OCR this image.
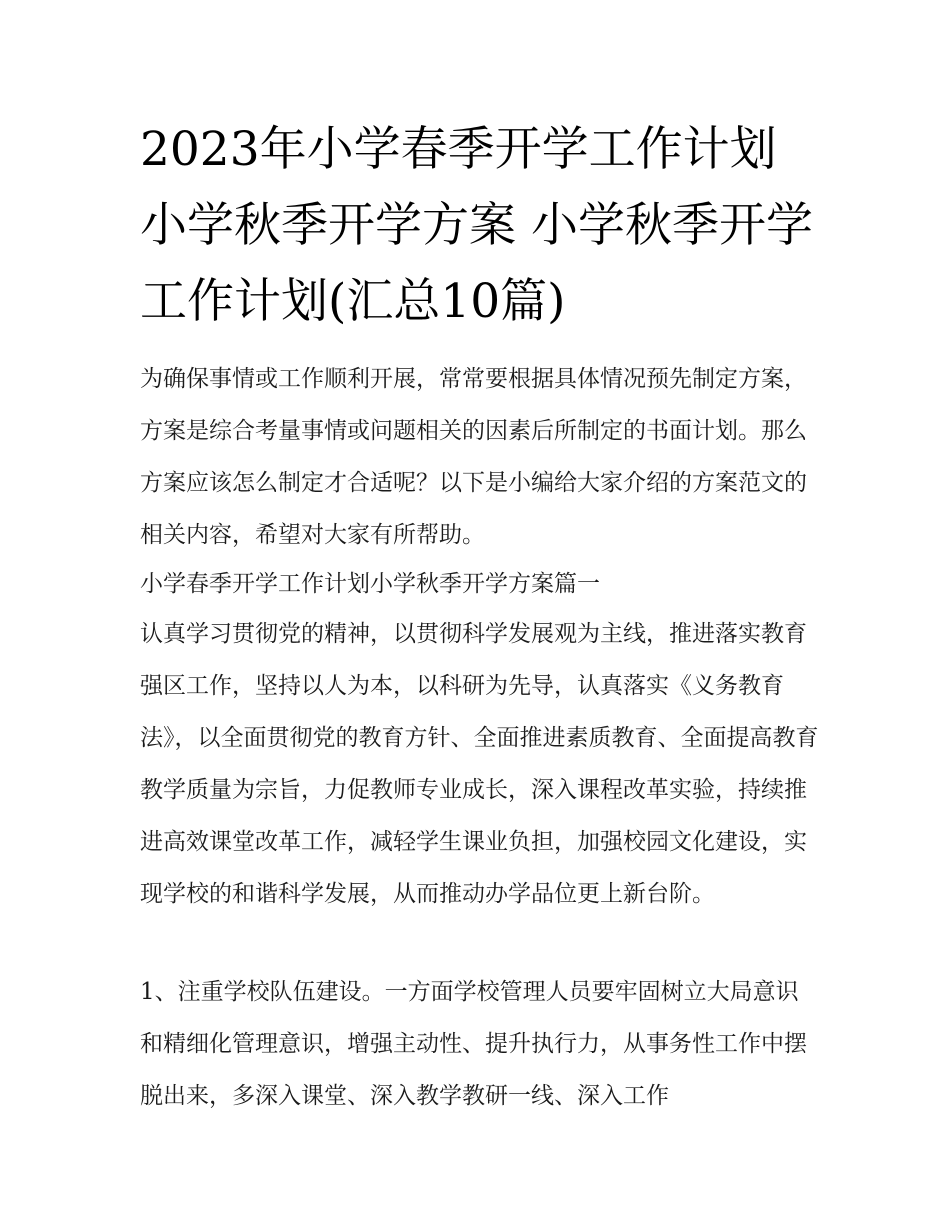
2023年小学春季开学工作计划 小学秋季开学方案 小学秋季开学工作计划(汇总10篇)

为确保事情或工作顺利开展，常常要根据具体情况预先制定方案，方案是综合考量事情或问题相关的因素后所制定的书面计划。那么方案应该怎么制定才合适呢？以下是小编给大家介绍的方案范文的相关内容，希望对大家有所帮助。

小学春季开学工作计划小学秋季开学方案篇一

认真学习贯彻党的精神，以贯彻科学发展观为主线，推进落实教育强区工作，坚持以人为本，以科研为先导，认真落实《义务教育法》，以全面贯彻党的教育方针、全面推进素质教育、全面提高教育教学质量为宗旨，力促教师专业成长，深入课程改革实验，持续推进高效课堂改革工作，减轻学生课业负担，加强校园文化建设，实现学校的和谐科学发展，从而推动办学品位更上新台阶。

1、注重学校队伍建设。一方面学校管理人员要牢固树立大局意识和精细化管理意识，增强主动性、提升执行力，从事务性工作中摆脱出来，多深入课堂、深入教学教研一线、深入工作
